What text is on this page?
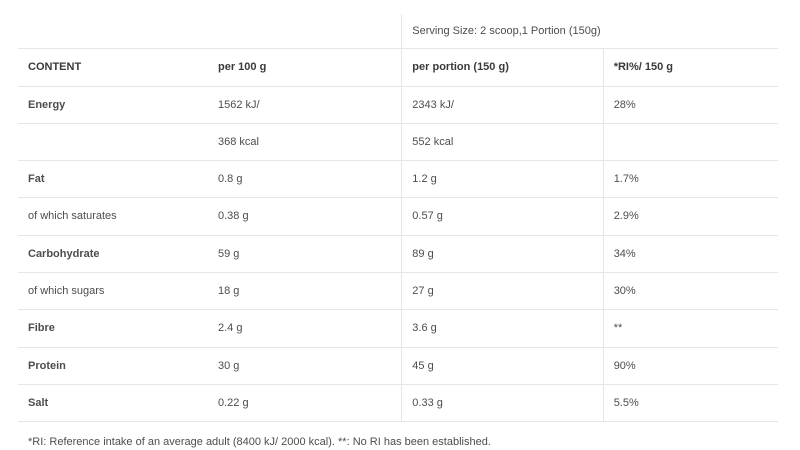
		Serving Size: 2 scoop,1 Portion (150g)	
CONTENT	per 100 g	per portion (150 g)	*RI%/ 150 g
Energy	1562 kJ/	2343 kJ/	28%
	368 kcal	552 kcal	
Fat	0.8 g	1.2 g	1.7%
of which saturates	0.38 g	0.57 g	2.9%
Carbohydrate	59 g	89 g	34%
of which sugars	18 g	27 g	30%
Fibre	2.4 g	3.6 g	**
Protein	30 g	45 g	90%
Salt	0.22 g	0.33 g	5.5%
*RI: Reference intake of an average adult (8400 kJ/ 2000 kcal). **: No RI has been established.			
